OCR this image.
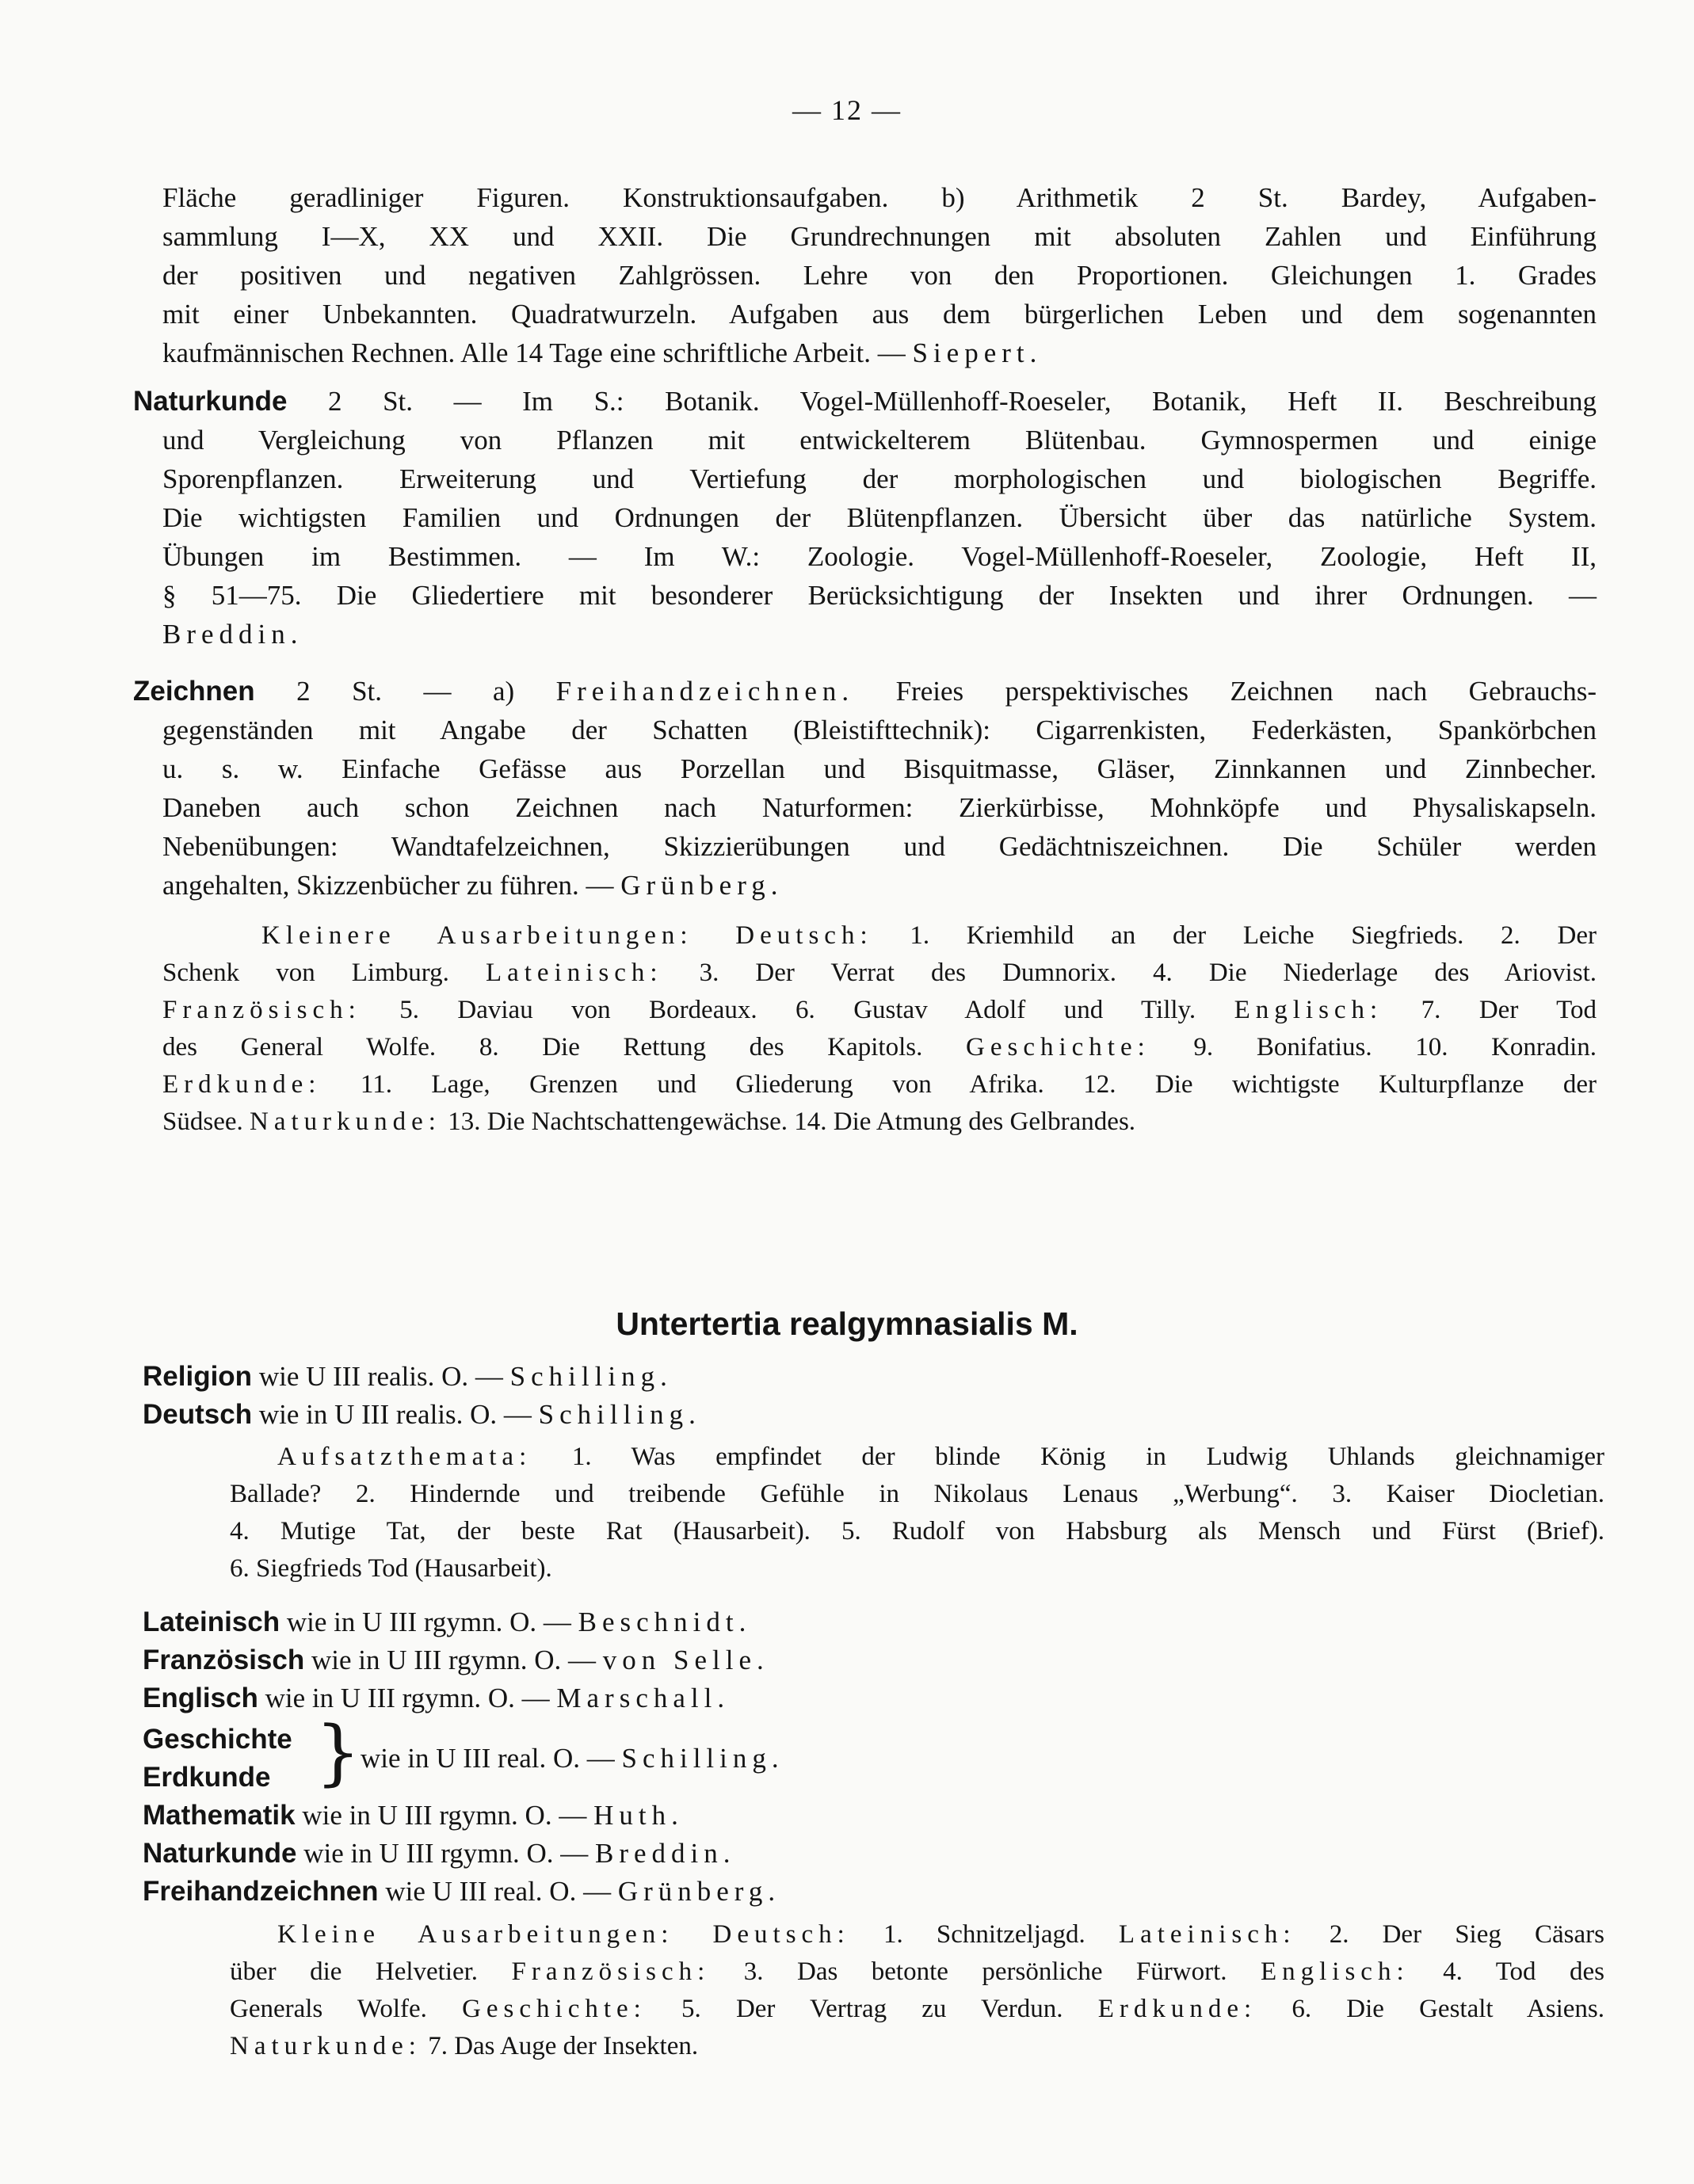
— 12 —
Fläche geradliniger Figuren. Konstruktionsaufgaben. b) Arithmetik 2 St. Bardey, Aufgaben-
sammlung I—X, XX und XXII. Die Grundrechnungen mit absoluten Zahlen und Einführung
der positiven und negativen Zahlgrössen. Lehre von den Proportionen. Gleichungen 1. Grades
mit einer Unbekannten. Quadratwurzeln. Aufgaben aus dem bürgerlichen Leben und dem sogenannten
kaufmännischen Rechnen. Alle 14 Tage eine schriftliche Arbeit. — Siepert.
Naturkunde 2 St. — Im S.: Botanik. Vogel-Müllenhoff-Roeseler, Botanik, Heft II. Beschreibung
und Vergleichung von Pflanzen mit entwickelterem Blütenbau. Gymnospermen und einige
Sporenpflanzen. Erweiterung und Vertiefung der morphologischen und biologischen Begriffe.
Die wichtigsten Familien und Ordnungen der Blütenpflanzen. Übersicht über das natürliche System.
Übungen im Bestimmen. — Im W.: Zoologie. Vogel-Müllenhoff-Roeseler, Zoologie, Heft II,
§ 51—75. Die Gliedertiere mit besonderer Berücksichtigung der Insekten und ihrer Ordnungen. —
Breddin.
Zeichnen 2 St. — a) Freihandzeichnen. Freies perspektivisches Zeichnen nach Gebrauchs-
gegenständen mit Angabe der Schatten (Bleistifttechnik): Cigarrenkisten, Federkästen, Spankörbchen
u. s. w. Einfache Gefässe aus Porzellan und Bisquitmasse, Gläser, Zinnkannen und Zinnbecher.
Daneben auch schon Zeichnen nach Naturformen: Zierkürbisse, Mohnköpfe und Physaliskapseln.
Nebenübungen: Wandtafelzeichnen, Skizzierübungen und Gedächtniszeichnen. Die Schüler werden
angehalten, Skizzenbücher zu führen. — Grünberg.
Kleinere Ausarbeitungen: Deutsch: 1. Kriemhild an der Leiche Siegfrieds. 2. Der
Schenk von Limburg. Lateinisch: 3. Der Verrat des Dumnorix. 4. Die Niederlage des Ariovist.
Französisch: 5. Daviau von Bordeaux. 6. Gustav Adolf und Tilly. Englisch: 7. Der Tod
des General Wolfe. 8. Die Rettung des Kapitols. Geschichte: 9. Bonifatius. 10. Konradin.
Erdkunde: 11. Lage, Grenzen und Gliederung von Afrika. 12. Die wichtigste Kulturpflanze der
Südsee. Naturkunde: 13. Die Nachtschattengewächse. 14. Die Atmung des Gelbrandes.
Untertertia realgymnasialis M.
Religion wie U III realis. O. — Schilling.
Deutsch wie in U III realis. O. — Schilling.
Aufsatzthemata: 1. Was empfindet der blinde König in Ludwig Uhlands gleichnamiger
Ballade? 2. Hindernde und treibende Gefühle in Nikolaus Lenaus „Werbung“. 3. Kaiser Diocletian.
4. Mutige Tat, der beste Rat (Hausarbeit). 5. Rudolf von Habsburg als Mensch und Fürst (Brief).
6. Siegfrieds Tod (Hausarbeit).
Lateinisch wie in U III rgymn. O. — Beschnidt.
Französisch wie in U III rgymn. O. — von Selle.
Englisch wie in U III rgymn. O. — Marschall.
Geschichte
Erdkunde } wie in U III real. O. — Schilling.
Mathematik wie in U III rgymn. O. — Huth.
Naturkunde wie in U III rgymn. O. — Breddin.
Freihandzeichnen wie U III real. O. — Grünberg.
Kleine Ausarbeitungen: Deutsch: 1. Schnitzeljagd. Lateinisch: 2. Der Sieg Cäsars
über die Helvetier. Französisch: 3. Das betonte persönliche Fürwort. Englisch: 4. Tod des
Generals Wolfe. Geschichte: 5. Der Vertrag zu Verdun. Erdkunde: 6. Die Gestalt Asiens.
Naturkunde: 7. Das Auge der Insekten.
